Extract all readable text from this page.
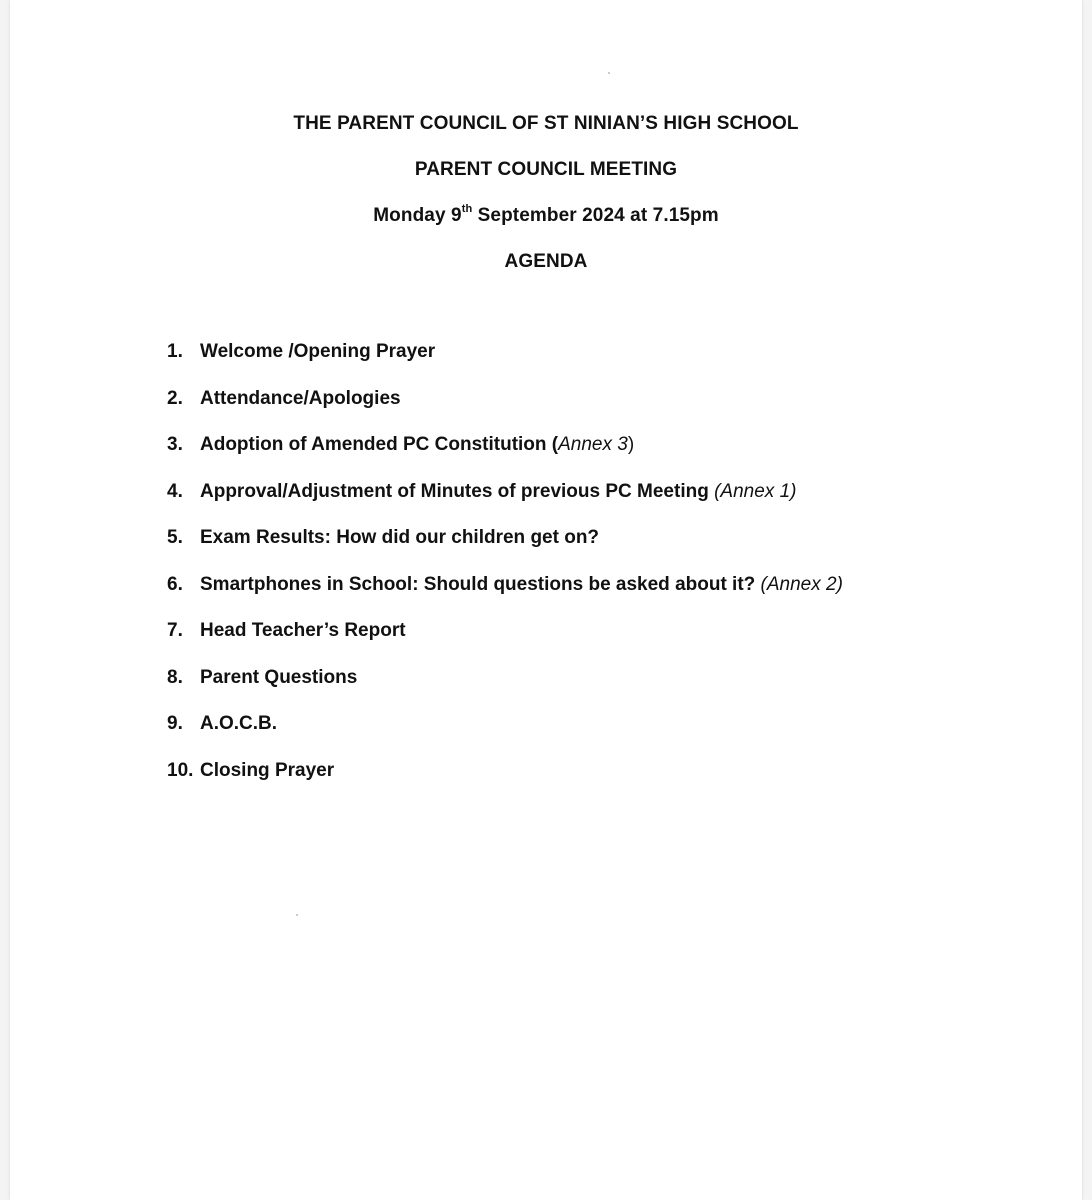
THE PARENT COUNCIL OF ST NINIAN’S HIGH SCHOOL
PARENT COUNCIL MEETING
Monday 9th September 2024 at 7.15pm
AGENDA
1. Welcome /Opening Prayer
2. Attendance/Apologies
3. Adoption of Amended PC Constitution (Annex 3)
4. Approval/Adjustment of Minutes of previous PC Meeting (Annex 1)
5. Exam Results: How did our children get on?
6. Smartphones in School: Should questions be asked about it? (Annex 2)
7. Head Teacher’s Report
8. Parent Questions
9. A.O.C.B.
10. Closing Prayer
